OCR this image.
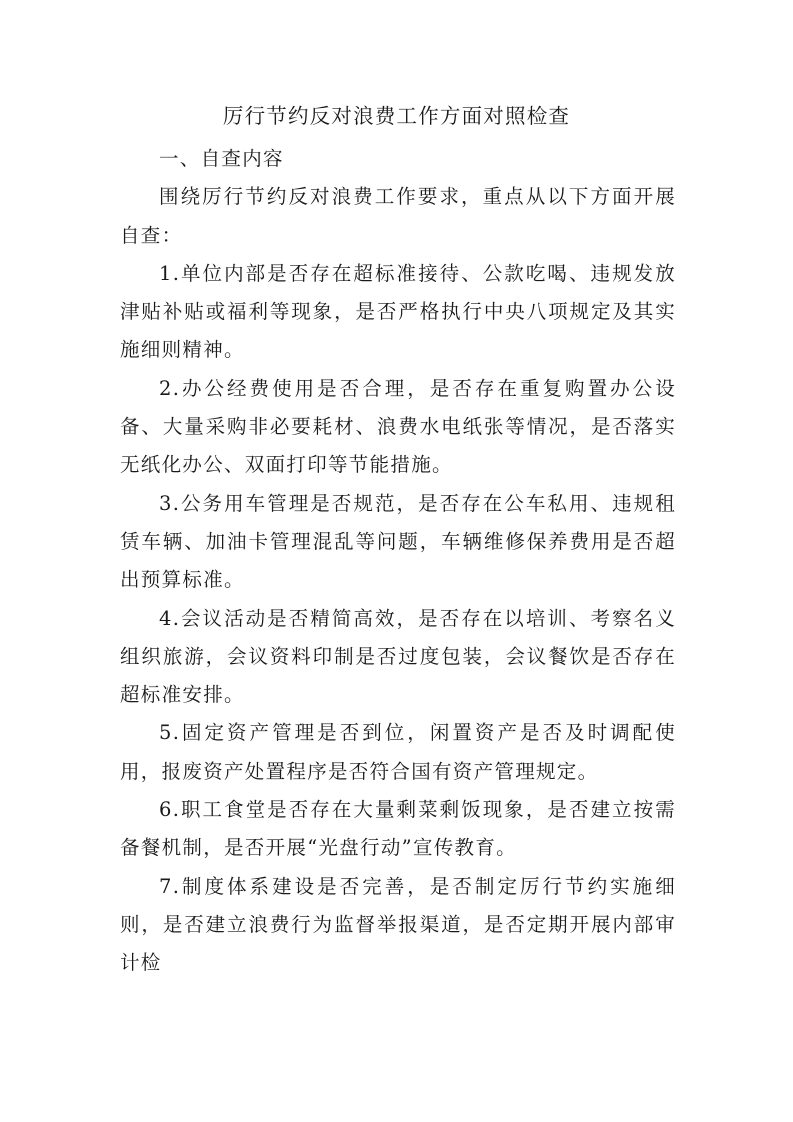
厉行节约反对浪费工作方面对照检查

一、自查内容

围绕厉行节约反对浪费工作要求，重点从以下方面开展自查：

1.单位内部是否存在超标准接待、公款吃喝、违规发放津贴补贴或福利等现象，是否严格执行中央八项规定及其实施细则精神。

2.办公经费使用是否合理，是否存在重复购置办公设备、大量采购非必要耗材、浪费水电纸张等情况，是否落实无纸化办公、双面打印等节能措施。

3.公务用车管理是否规范，是否存在公车私用、违规租赁车辆、加油卡管理混乱等问题，车辆维修保养费用是否超出预算标准。

4.会议活动是否精简高效，是否存在以培训、考察名义组织旅游，会议资料印制是否过度包装，会议餐饮是否存在超标准安排。

5.固定资产管理是否到位，闲置资产是否及时调配使用，报废资产处置程序是否符合国有资产管理规定。

6.职工食堂是否存在大量剩菜剩饭现象，是否建立按需备餐机制，是否开展“光盘行动”宣传教育。

7.制度体系建设是否完善，是否制定厉行节约实施细则，是否建立浪费行为监督举报渠道，是否定期开展内部审计检
